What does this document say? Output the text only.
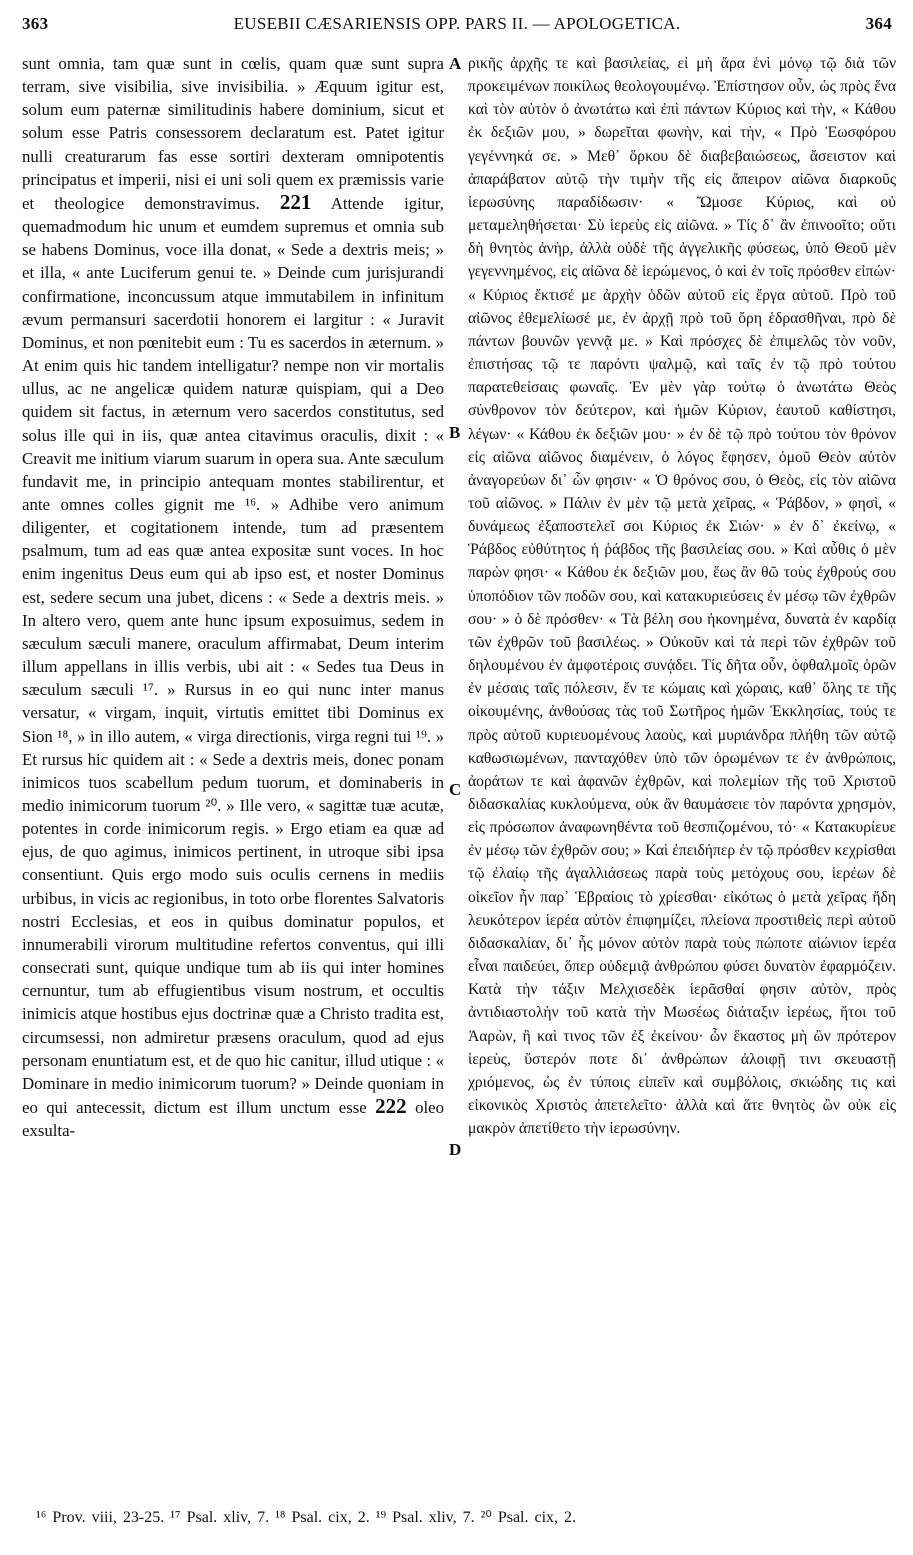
363	EUSEBII CÆSARIENSIS OPP. PARS II. — APOLOGETICA.	364
sunt omnia, tam quæ sunt in cœlis, quam quæ sunt supra terram, sive visibilia, sive invisibilia. » Æquum igitur est, solum eum paternæ similitudinis habere dominium, sicut et solum esse Patris consessorem declaratum est. Patet igitur nulli creaturarum fas esse sortiri dexteram omnipotentis principatus et imperii, nisi ei uni soli quem ex præmissis varie et theologice demonstravimus. 221 Attende igitur, quemadmodum hic unum et eumdem supremus et omnia sub se habens Dominus, voce illa donat, « Sede a dextris meis; » et illa, « ante Luciferum genui te. » Deinde cum jurisjurandi confirmatione, inconcussum atque immutabilem in infinitum ævum permansuri sacerdotii honorem ei largitur : « Juravit Dominus, et non pœnitebit eum : Tu es sacerdos in æternum. » At enim quis hic tandem intelligatur? nempe non vir mortalis ullus, ac ne angelicæ quidem naturæ quispiam, qui a Deo quidem sit factus, in æternum vero sacerdos constitutus, sed solus ille qui in iis, quæ antea citavimus oraculis, dixit : « Creavit me initium viarum suarum in opera sua. Ante sæculum fundavit me, in principio antequam montes stabilirentur, et ante omnes colles gignit me ¹⁶. » Adhibe vero animum diligenter, et cogitationem intende, tum ad præsentem psalmum, tum ad eas quæ antea expositæ sunt voces. In hoc enim ingenitus Deus eum qui ab ipso est, et noster Dominus est, sedere secum una jubet, dicens : « Sede a dextris meis. » In altero vero, quem ante hunc ipsum exposuimus, sedem in sæculum sæculi manere, oraculum affirmabat, Deum interim illum appellans in illis verbis, ubi ait : « Sedes tua Deus in sæculum sæculi ¹⁷. » Rursus in eo qui nunc inter manus versatur, « virgam, inquit, virtutis emittet tibi Dominus ex Sion ¹⁸, » in illo autem, « virga directionis, virga regni tui ¹⁹. » Et rursus hic quidem ait : « Sede a dextris meis, donec ponam inimicos tuos scabellum pedum tuorum, et dominaberis in medio inimicorum tuorum ²⁰. » Ille vero, « sagittæ tuæ acutæ, potentes in corde inimicorum regis. » Ergo etiam ea quæ ad ejus, de quo agimus, inimicos pertinent, in utroque sibi ipsa consentiunt. Quis ergo modo suis oculis cernens in mediis urbibus, in vicis ac regionibus, in toto orbe florentes Salvatoris nostri Ecclesias, et eos in quibus dominatur populos, et innumerabili virorum multitudine refertos conventus, qui illi consecrati sunt, quique undique tum ab iis qui inter homines cernuntur, tum ab effugientibus visum nostrum, et occultis inimicis atque hostibus ejus doctrinæ quæ a Christo tradita est, circumsessi, non admiretur præsens oraculum, quod ad ejus personam enuntiatum est, et de quo hic canitur, illud utique : « Dominare in medio inimicorum tuorum? » Deinde quoniam in eo qui antecessit, dictum est illum unctum esse 222 oleo exsulta-
A
B
C
D
ρικῆς ἀρχῆς τε καὶ βασιλείας, εἰ μὴ ἄρα ἑνὶ μόνῳ τῷ διὰ τῶν προκειμένων ποικίλως θεολογουμένῳ. Ἐπίστησον οὖν, ὡς πρὸς ἕνα καὶ τὸν αὐτὸν ὁ ἀνωτάτω καὶ ἐπὶ πάντων Κύριος καὶ τὴν, « Κάθου ἐκ δεξιῶν μου, » δωρεῖται φωνὴν, καὶ τὴν, « Πρὸ Ἑωσφόρου γεγέννηκά σε. » Μεθ᾿ ὅρκου δὲ διαβεβαιώσεως, ἄσειστον καὶ ἀπαράβατον αὐτῷ τὴν τιμὴν τῆς εἰς ἄπειρον αἰῶνα διαρκοῦς ἱερωσύνης παραδίδωσιν· « Ὤμοσε Κύριος, καὶ οὐ μεταμεληθήσεται· Σὺ ἱερεὺς εἰς αἰῶνα. » Τίς δ᾿ ἂν ἐπινοοῖτο; οὔτι δὴ θνητὸς ἀνὴρ, ἀλλὰ οὐδὲ τῆς ἀγγελικῆς φύσεως, ὑπὸ Θεοῦ μὲν γεγεννημένος, εἰς αἰῶνα δὲ ἱερώμενος, ὁ καὶ ἐν τοῖς πρόσθεν εἰπών· « Κύριος ἔκτισέ με ἀρχὴν ὁδῶν αὐτοῦ εἰς ἔργα αὐτοῦ. Πρὸ τοῦ αἰῶνος ἐθεμελίωσέ με, ἐν ἀρχῇ πρὸ τοῦ ὄρη ἑδρασθῆναι, πρὸ δὲ πάντων βουνῶν γεννᾷ με. » Καὶ πρόσχες δὲ ἐπιμελῶς τὸν νοῦν, ἐπιστήσας τῷ τε παρόντι ψαλμῷ, καὶ ταῖς ἐν τῷ πρὸ τούτου παρατεθείσαις φωναῖς. Ἐν μὲν γὰρ τούτῳ ὁ ἀνωτάτω Θεὸς σύνθρονον τὸν δεύτερον, καὶ ἡμῶν Κύριον, ἑαυτοῦ καθίστησι, λέγων· « Κάθου ἐκ δεξιῶν μου· » ἐν δὲ τῷ πρὸ τούτου τὸν θρόνον εἰς αἰῶνα αἰῶνος διαμένειν, ὁ λόγος ἔφησεν, ὁμοῦ Θεὸν αὐτὸν ἀναγορεύων δι᾿ ὧν φησιν· « Ὁ θρόνος σου, ὁ Θεὸς, εἰς τὸν αἰῶνα τοῦ αἰῶνος. » Πάλιν ἐν μὲν τῷ μετὰ χεῖρας, « Ῥάβδον, » φησὶ, « δυνάμεως ἐξαποστελεῖ σοι Κύριος ἐκ Σιών· » ἐν δ᾿ ἐκείνῳ, « Ῥάβδος εὐθύτητος ἡ ῥάβδος τῆς βασιλείας σου. » Καὶ αὖθις ὁ μὲν παρὼν φησι· « Κάθου ἐκ δεξιῶν μου, ἕως ἂν θῶ τοὺς ἐχθρούς σου ὑποπόδιον τῶν ποδῶν σου, καὶ κατακυριεύσεις ἐν μέσῳ τῶν ἐχθρῶν σου· » ὁ δὲ πρόσθεν· « Τὰ βέλη σου ἠκονημένα, δυνατὰ ἐν καρδίᾳ τῶν ἐχθρῶν τοῦ βασιλέως. » Οὐκοῦν καὶ τὰ περὶ τῶν ἐχθρῶν τοῦ δηλουμένου ἐν ἀμφοτέροις συνᾴδει. Τίς δῆτα οὖν, ὀφθαλμοῖς ὁρῶν ἐν μέσαις ταῖς πόλεσιν, ἔν τε κώμαις καὶ χώραις, καθ᾿ ὅλης τε τῆς οἰκουμένης, ἀνθούσας τὰς τοῦ Σωτῆρος ἡμῶν Ἐκκλησίας, τούς τε πρὸς αὐτοῦ κυριευομένους λαοὺς, καὶ μυριάνδρα πλήθη τῶν αὐτῷ καθωσιωμένων, πανταχόθεν ὑπὸ τῶν ὁρωμένων τε ἐν ἀνθρώποις, ἀοράτων τε καὶ ἀφανῶν ἐχθρῶν, καὶ πολεμίων τῆς τοῦ Χριστοῦ διδασκαλίας κυκλούμενα, οὐκ ἂν θαυμάσειε τὸν παρόντα χρησμὸν, εἰς πρόσωπον ἀναφωνηθέντα τοῦ θεσπιζομένου, τό· « Κατακυρίευε ἐν μέσῳ τῶν ἐχθρῶν σου; » Καὶ ἐπειδήπερ ἐν τῷ πρόσθεν κεχρίσθαι τῷ ἐλαίῳ τῆς ἀγαλλιάσεως παρὰ τοὺς μετόχους σου, ἱερέων δὲ οἰκεῖον ἦν παρ᾿ Ἑβραίοις τὸ χρίεσθαι· εἰκότως ὁ μετὰ χεῖρας ἤδη λευκότερον ἱερέα αὐτὸν ἐπιφημίζει, πλείονα προστιθεὶς περὶ αὐτοῦ διδασκαλίαν, δι᾿ ἧς μόνον αὐτὸν παρὰ τοὺς πώποτε αἰώνιον ἱερέα εἶναι παιδεύει, ὅπερ οὐδεμιᾷ ἀνθρώπου φύσει δυνατὸν ἐφαρμόζειν. Κατὰ τὴν τάξιν Μελχισεδὲκ ἱερᾶσθαί φησιν αὐτὸν, πρὸς ἀντιδιαστολὴν τοῦ κατὰ τὴν Μωσέως διάταξιν ἱερέως, ἤτοι τοῦ Ἀαρὼν, ἢ καὶ τινος τῶν ἐξ ἐκείνου· ὧν ἕκαστος μὴ ὢν πρότερον ἱερεὺς, ὕστερόν ποτε δι᾿ ἀνθρώπων ἀλοιφῇ τινι σκευαστῇ χριόμενος, ὡς ἐν τύποις εἰπεῖν καὶ συμβόλοις, σκιώδης τις καὶ εἰκονικὸς Χριστὸς ἀπετελεῖτο· ἀλλὰ καὶ ἅτε θνητὸς ὢν οὐκ εἰς μακρὸν ἀπετίθετο τὴν ἱερωσύνην.
¹⁶ Prov. viii, 23-25. ¹⁷ Psal. xliv, 7. ¹⁸ Psal. cix, 2. ¹⁹ Psal. xliv, 7. ²⁰ Psal. cix, 2.
